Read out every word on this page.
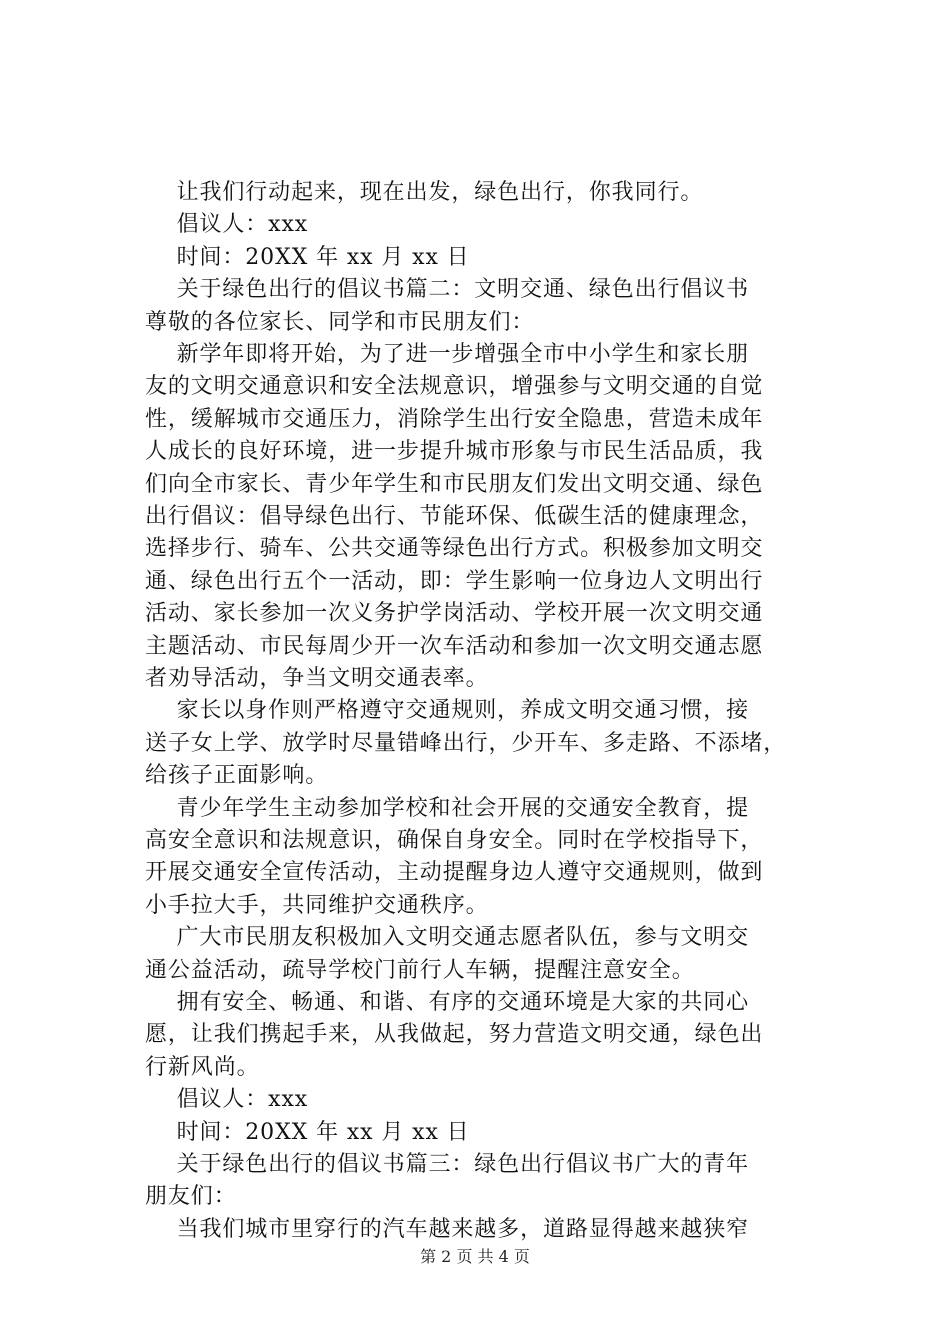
让我们行动起来，现在出发，绿色出行，你我同行。
倡议人：xxx
时间：20XX 年 xx 月 xx 日
关于绿色出行的倡议书篇二：文明交通、绿色出行倡议书
尊敬的各位家长、同学和市民朋友们：
新学年即将开始，为了进一步增强全市中小学生和家长朋
友的文明交通意识和安全法规意识，增强参与文明交通的自觉
性，缓解城市交通压力，消除学生出行安全隐患，营造未成年
人成长的良好环境，进一步提升城市形象与市民生活品质，我
们向全市家长、青少年学生和市民朋友们发出文明交通、绿色
出行倡议：倡导绿色出行、节能环保、低碳生活的健康理念，
选择步行、骑车、公共交通等绿色出行方式。积极参加文明交
通、绿色出行五个一活动，即：学生影响一位身边人文明出行
活动、家长参加一次义务护学岗活动、学校开展一次文明交通
主题活动、市民每周少开一次车活动和参加一次文明交通志愿
者劝导活动，争当文明交通表率。
家长以身作则严格遵守交通规则，养成文明交通习惯，接
送子女上学、放学时尽量错峰出行，少开车、多走路、不添堵，
给孩子正面影响。
青少年学生主动参加学校和社会开展的交通安全教育，提
高安全意识和法规意识，确保自身安全。同时在学校指导下，
开展交通安全宣传活动，主动提醒身边人遵守交通规则，做到
小手拉大手，共同维护交通秩序。
广大市民朋友积极加入文明交通志愿者队伍，参与文明交
通公益活动，疏导学校门前行人车辆，提醒注意安全。
拥有安全、畅通、和谐、有序的交通环境是大家的共同心
愿，让我们携起手来，从我做起，努力营造文明交通，绿色出
行新风尚。
倡议人：xxx
时间：20XX 年 xx 月 xx 日
关于绿色出行的倡议书篇三：绿色出行倡议书广大的青年
朋友们：
当我们城市里穿行的汽车越来越多，道路显得越来越狭窄
第 2 页 共 4 页
